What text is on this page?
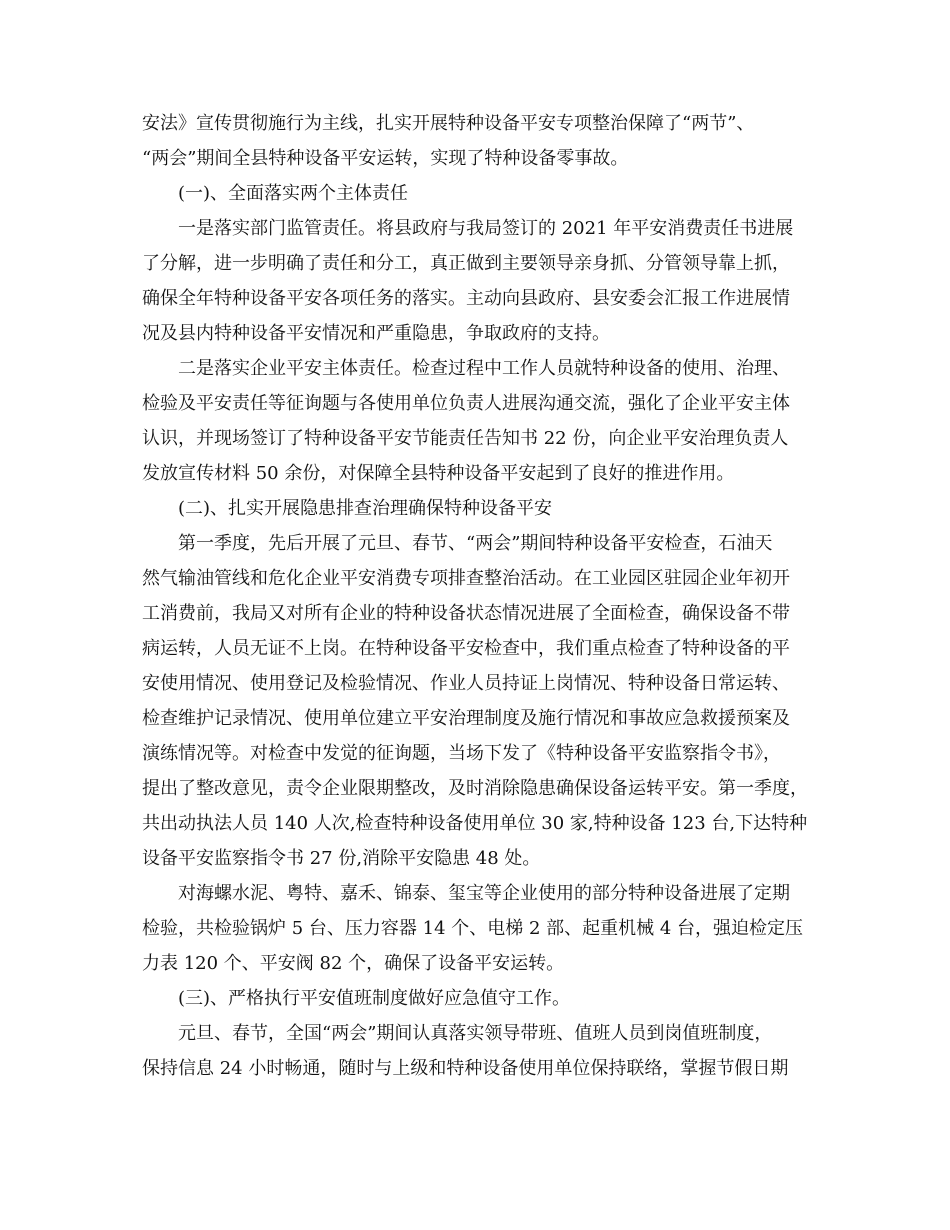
安法》宣传贯彻施行为主线，扎实开展特种设备平安专项整治保障了“两节”、
“两会”期间全县特种设备平安运转，实现了特种设备零事故。
(一)、全面落实两个主体责任
一是落实部门监管责任。将县政府与我局签订的 2021 年平安消费责任书进展
了分解，进一步明确了责任和分工，真正做到主要领导亲身抓、分管领导靠上抓，
确保全年特种设备平安各项任务的落实。主动向县政府、县安委会汇报工作进展情
况及县内特种设备平安情况和严重隐患，争取政府的支持。
二是落实企业平安主体责任。检查过程中工作人员就特种设备的使用、治理、
检验及平安责任等征询题与各使用单位负责人进展沟通交流，强化了企业平安主体
认识，并现场签订了特种设备平安节能责任告知书 22 份，向企业平安治理负责人
发放宣传材料 50 余份，对保障全县特种设备平安起到了良好的推进作用。
(二)、扎实开展隐患排查治理确保特种设备平安
第一季度，先后开展了元旦、春节、“两会”期间特种设备平安检查，石油天
然气输油管线和危化企业平安消费专项排查整治活动。在工业园区驻园企业年初开
工消费前，我局又对所有企业的特种设备状态情况进展了全面检查，确保设备不带
病运转，人员无证不上岗。在特种设备平安检查中，我们重点检查了特种设备的平
安使用情况、使用登记及检验情况、作业人员持证上岗情况、特种设备日常运转、
检查维护记录情况、使用单位建立平安治理制度及施行情况和事故应急救援预案及
演练情况等。对检查中发觉的征询题，当场下发了《特种设备平安监察指令书》，
提出了整改意见，责令企业限期整改，及时消除隐患确保设备运转平安。第一季度，
共出动执法人员 140 人次,检查特种设备使用单位 30 家,特种设备 123 台,下达特种
设备平安监察指令书 27 份,消除平安隐患 48 处。
对海螺水泥、粤特、嘉禾、锦泰、玺宝等企业使用的部分特种设备进展了定期
检验，共检验锅炉 5 台、压力容器 14 个、电梯 2 部、起重机械 4 台，强迫检定压
力表 120 个、平安阀 82 个，确保了设备平安运转。
(三)、严格执行平安值班制度做好应急值守工作。
元旦、春节，全国“两会”期间认真落实领导带班、值班人员到岗值班制度，
保持信息 24 小时畅通，随时与上级和特种设备使用单位保持联络，掌握节假日期
